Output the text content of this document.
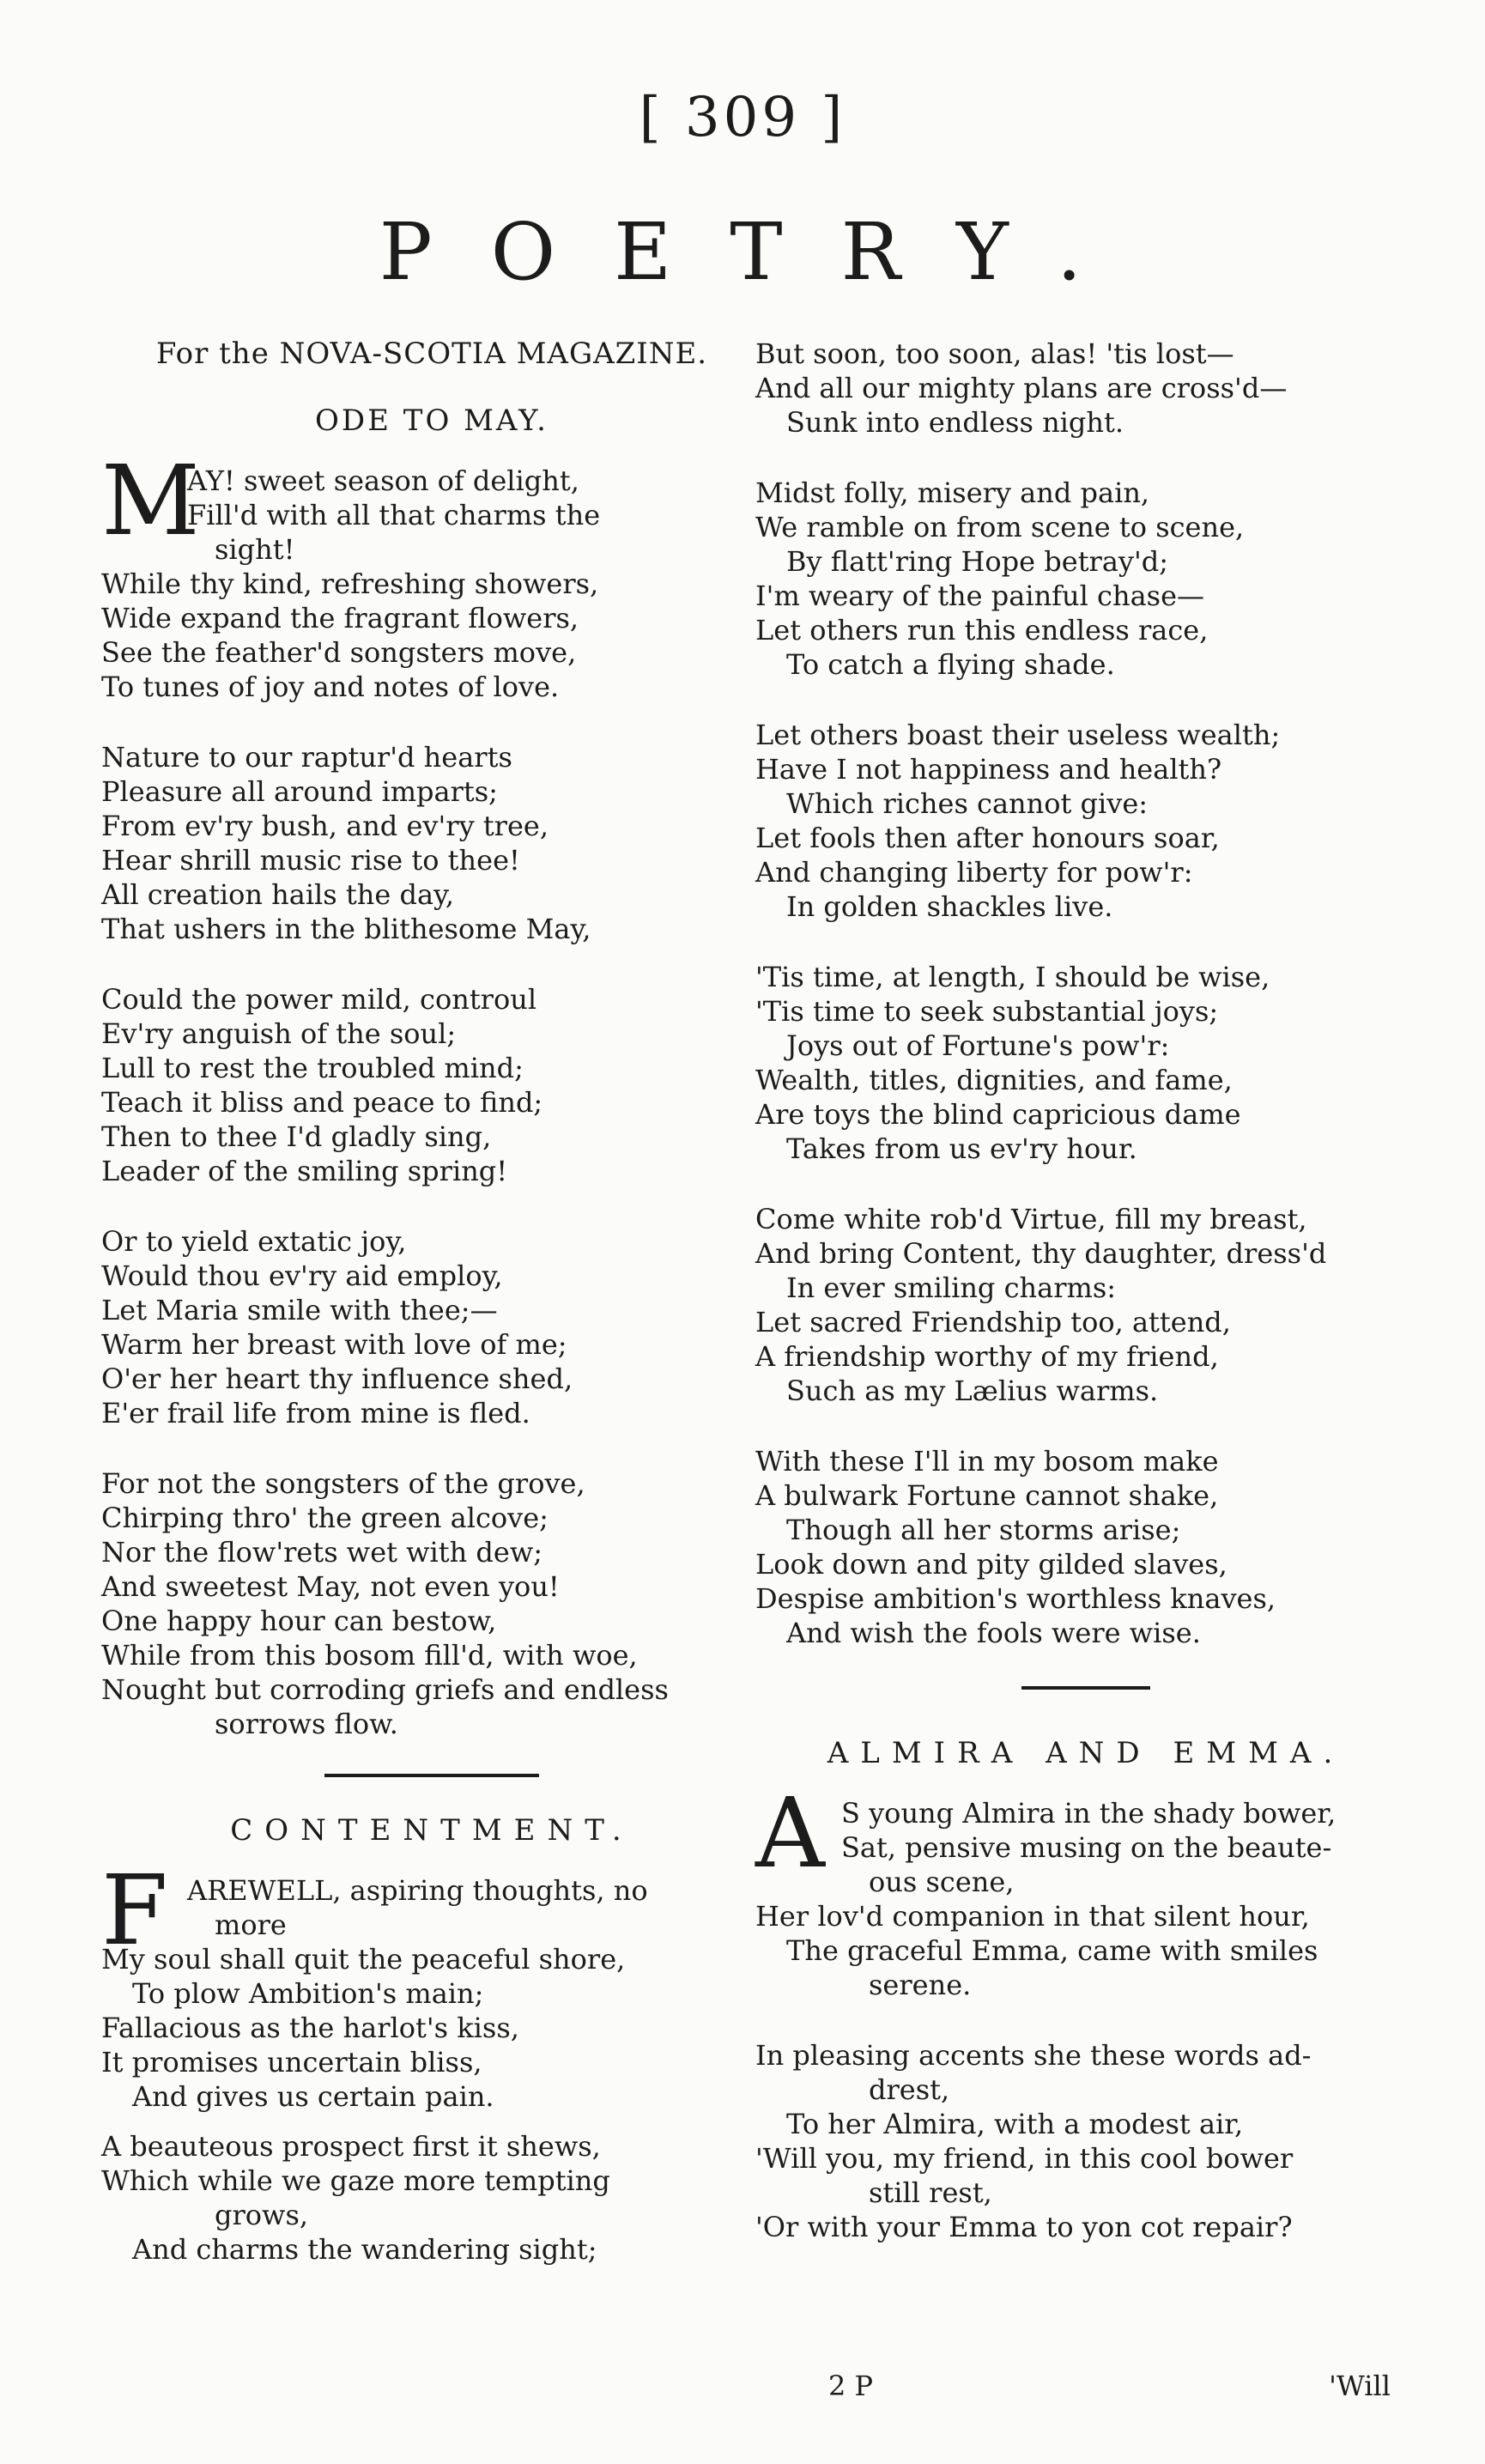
[ 309 ]
POETRY.
For the NOVA-SCOTIA MAGAZINE.
ODE TO MAY.
M
AY! sweet season of delight,
Fill'd with all that charms the
sight!
While thy kind, refreshing showers,
Wide expand the fragrant flowers,
See the feather'd songsters move,
To tunes of joy and notes of love.
Nature to our raptur'd hearts
Pleasure all around imparts;
From ev'ry bush, and ev'ry tree,
Hear shrill music rise to thee!
All creation hails the day,
That ushers in the blithesome May,
Could the power mild, controul
Ev'ry anguish of the soul;
Lull to rest the troubled mind;
Teach it bliss and peace to find;
Then to thee I'd gladly sing,
Leader of the smiling spring!
Or to yield extatic joy,
Would thou ev'ry aid employ,
Let Maria smile with thee;—
Warm her breast with love of me;
O'er her heart thy influence shed,
E'er frail life from mine is fled.
For not the songsters of the grove,
Chirping thro' the green alcove;
Nor the flow'rets wet with dew;
And sweetest May, not even you!
One happy hour can bestow,
While from this bosom fill'd, with woe,
Nought but corroding griefs and endless
sorrows flow.
CONTENTMENT.
F AREWELL, aspiring thoughts, no
more
My soul shall quit the peaceful shore,
To plow Ambition's main;
Fallacious as the harlot's kiss,
It promises uncertain bliss,
And gives us certain pain.
A beauteous prospect first it shews,
Which while we gaze more tempting
grows,
And charms the wandering sight;
But soon, too soon, alas! 'tis lost—
And all our mighty plans are cross'd—
Sunk into endless night.
Midst folly, misery and pain,
We ramble on from scene to scene,
By flatt'ring Hope betray'd;
I'm weary of the painful chase—
Let others run this endless race,
To catch a flying shade.
Let others boast their useless wealth;
Have I not happiness and health?
Which riches cannot give:
Let fools then after honours soar,
And changing liberty for pow'r:
In golden shackles live.
'Tis time, at length, I should be wise,
'Tis time to seek substantial joys;
Joys out of Fortune's pow'r:
Wealth, titles, dignities, and fame,
Are toys the blind capricious dame
Takes from us ev'ry hour.
Come white rob'd Virtue, fill my breast,
And bring Content, thy daughter, dress'd
In ever smiling charms:
Let sacred Friendship too, attend,
A friendship worthy of my friend,
Such as my Lælius warms.
With these I'll in my bosom make
A bulwark Fortune cannot shake,
Though all her storms arise;
Look down and pity gilded slaves,
Despise ambition's worthless knaves,
And wish the fools were wise.
ALMIRA AND EMMA.
A S young Almira in the shady bower,
Sat, pensive musing on the beaute-
ous scene,
Her lov'd companion in that silent hour,
The graceful Emma, came with smiles
serene.
In pleasing accents she these words ad-
drest,
To her Almira, with a modest air,
'Will you, my friend, in this cool bower
still rest,
'Or with your Emma to yon cot repair?
2 P	'Will
